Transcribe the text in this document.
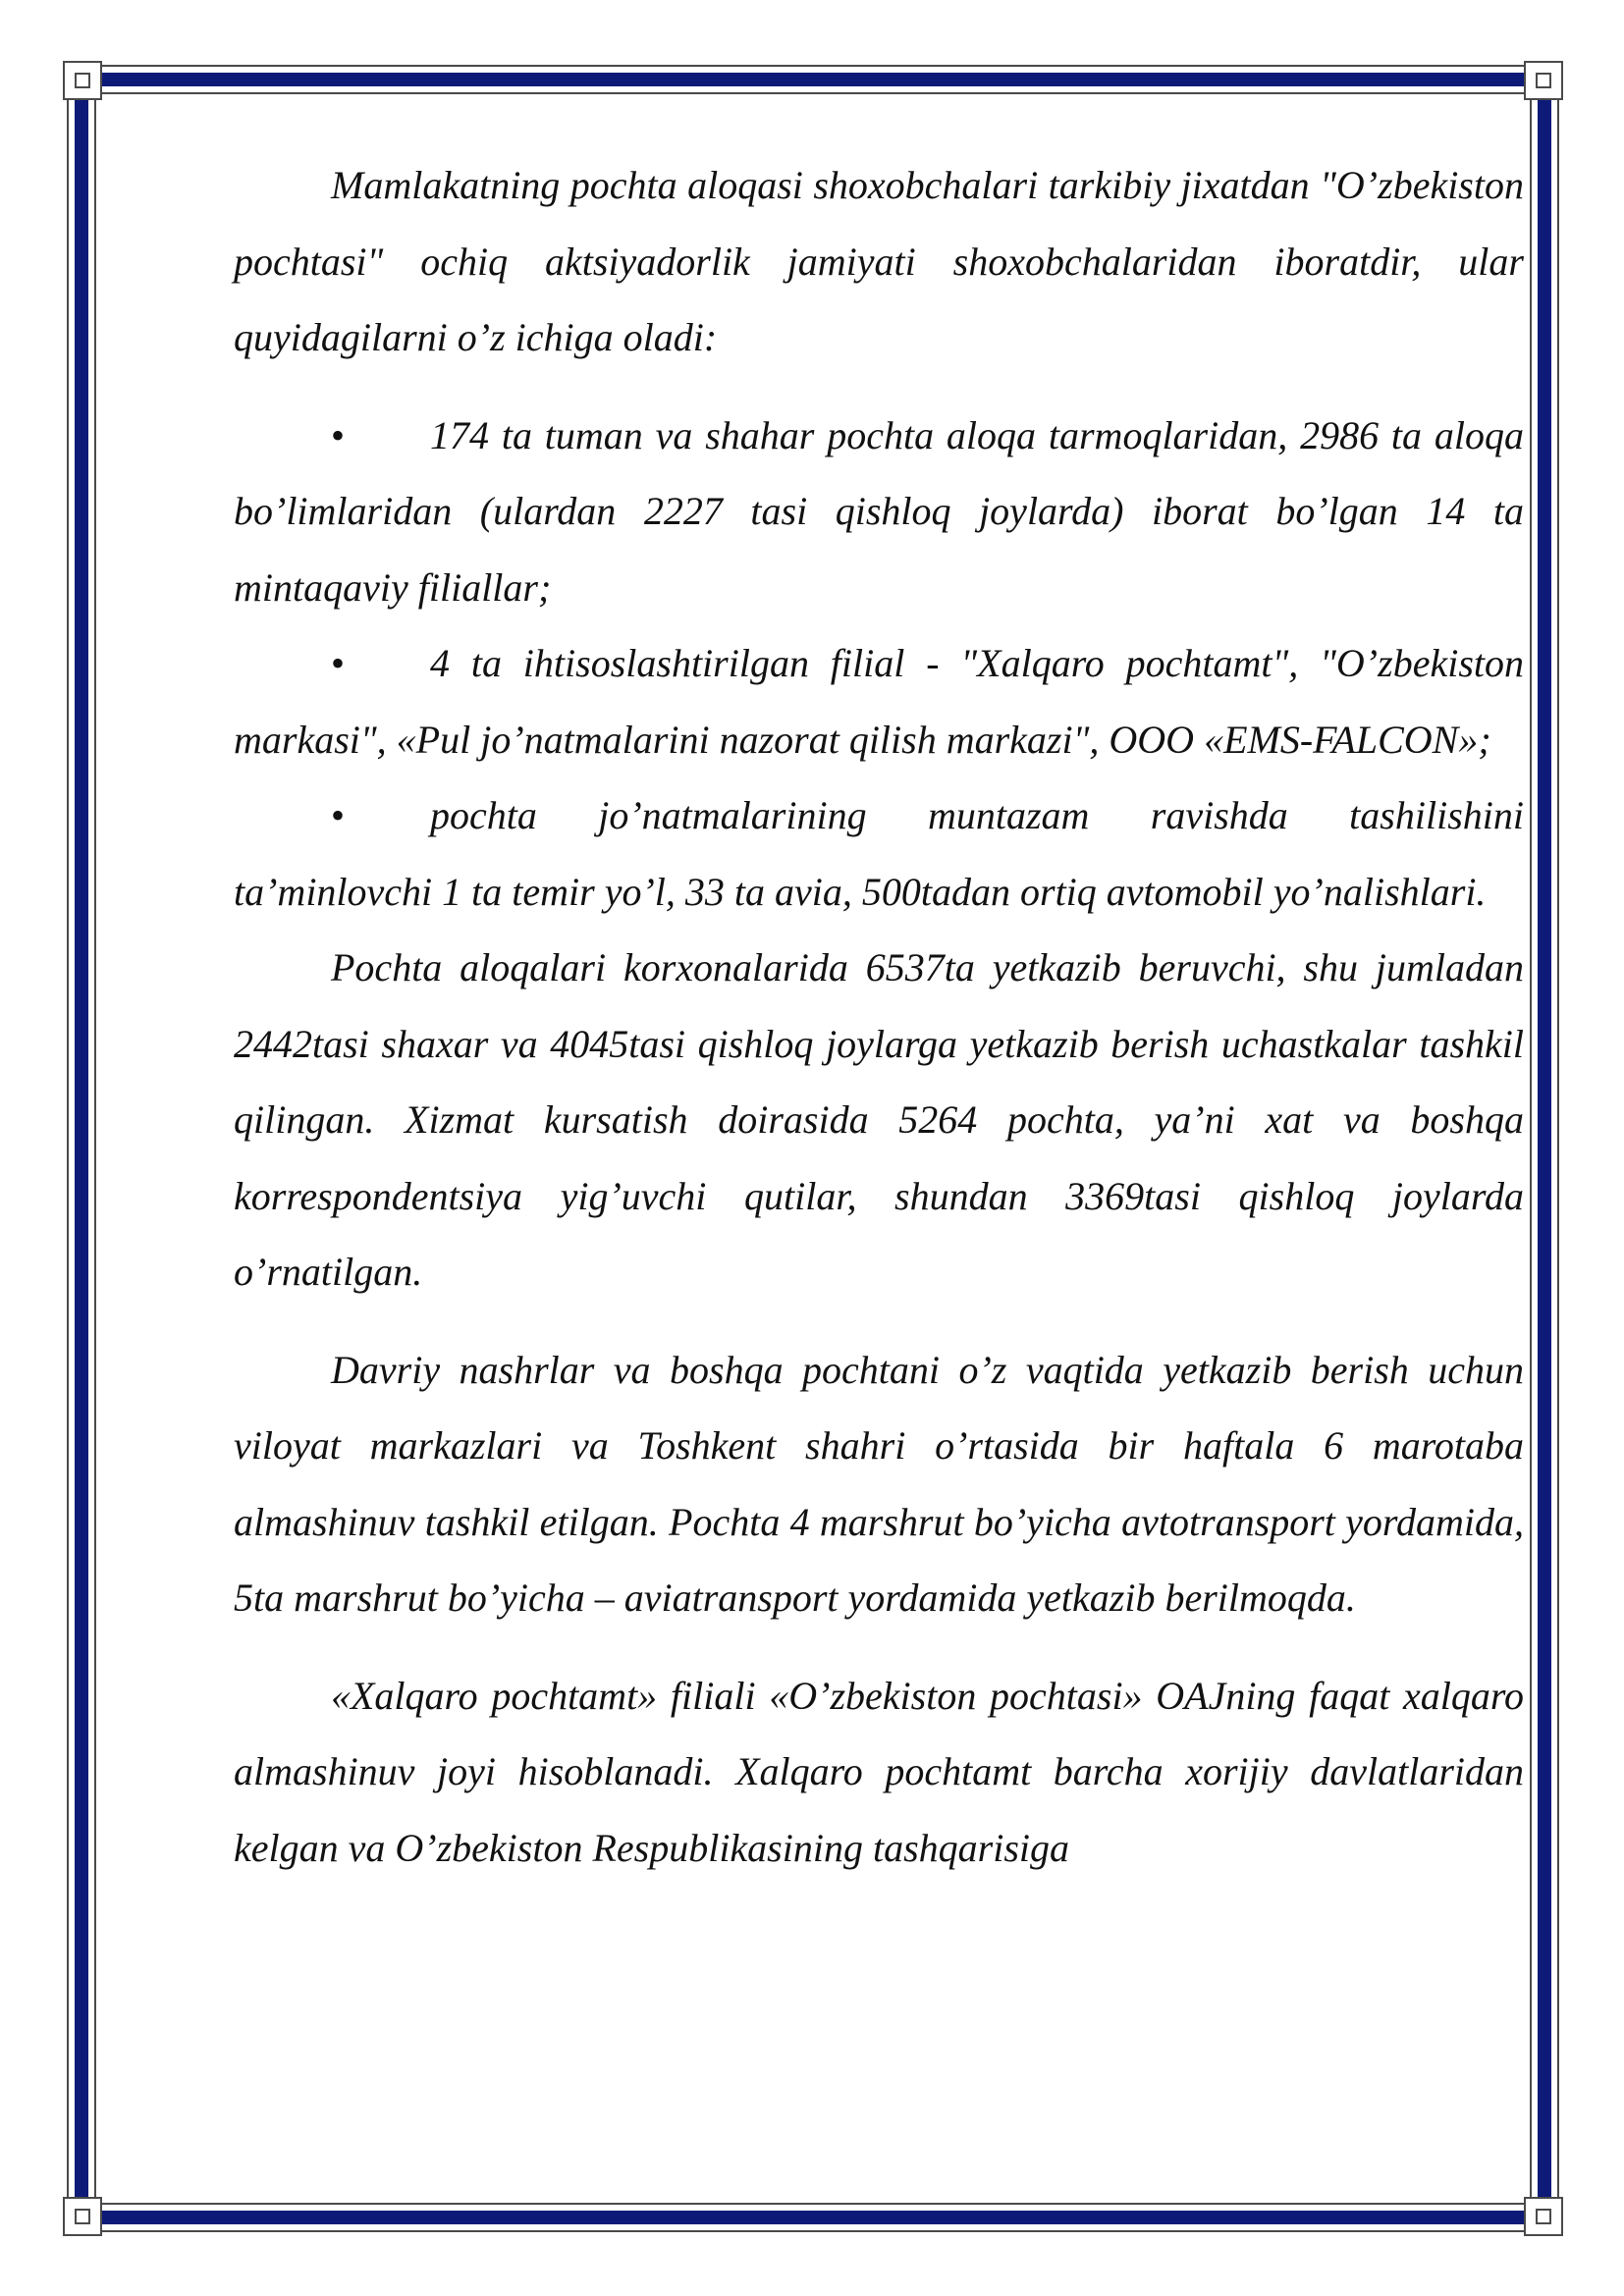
Mamlakatning pochta aloqasi shoxobchalari tarkibiy jixatdan "O’zbekiston pochtasi" ochiq aktsiyadorlik jamiyati shoxobchalaridan iboratdir, ular quyidagilarni o’z ichiga oladi:

•	174 ta tuman va shahar pochta aloqa tarmoqlaridan, 2986 ta aloqa bo’limlaridan (ulardan 2227 tasi qishloq joylarda) iborat bo’lgan 14 ta mintaqaviy filiallar;
•	4 ta ihtisoslashtirilgan filial - "Xalqaro pochtamt", "O’zbekiston markasi", «Pul jo’natmalarini nazorat qilish markazi", OOO «EMS-FALCON»;
•	pochta jo’natmalarining muntazam ravishda tashilishini ta’minlovchi 1 ta temir yo’l, 33 ta avia, 500tadan ortiq avtomobil yo’nalishlari.

Pochta aloqalari korxonalarida 6537ta yetkazib beruvchi, shu jumladan 2442tasi shaxar va 4045tasi qishloq joylarga yetkazib berish uchastkalar tashkil qilingan. Xizmat kursatish doirasida 5264 pochta, ya’ni xat va boshqa korrespondentsiya yig’uvchi qutilar, shundan 3369tasi qishloq joylarda o’rnatilgan.

Davriy nashrlar va boshqa pochtani o’z vaqtida yetkazib berish uchun viloyat markazlari va Toshkent shahri o’rtasida bir haftala 6 marotaba almashinuv tashkil etilgan. Pochta 4 marshrut bo’yicha avtotransport yordamida, 5ta marshrut bo’yicha – aviatransport yordamida yetkazib berilmoqda.

«Xalqaro pochtamt» filiali «O’zbekiston pochtasi» OAJning faqat xalqaro almashinuv joyi hisoblanadi. Xalqaro pochtamt barcha xorijiy davlatlaridan kelgan va O’zbekiston Respublikasining tashqarisiga
